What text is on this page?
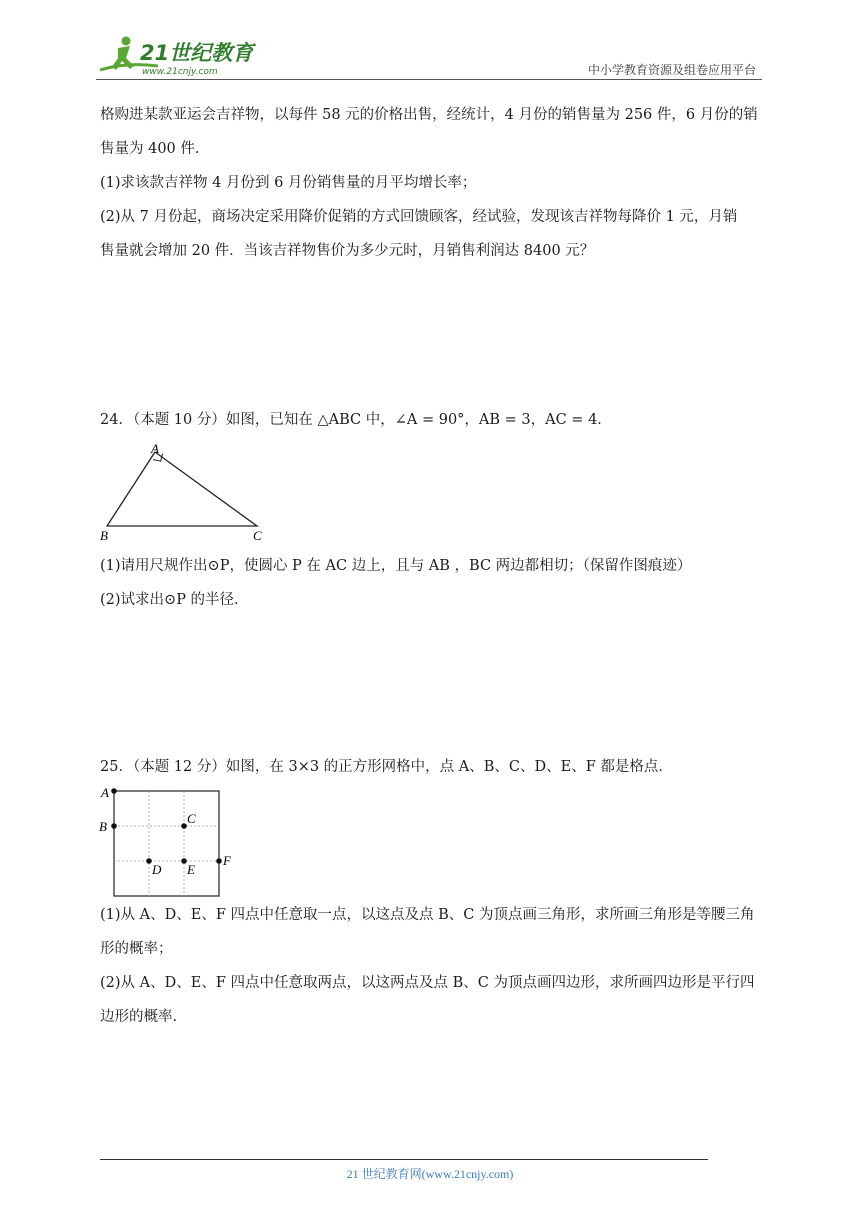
21世纪教育
www.21cnjy.com	中小学教育资源及组卷应用平台
格购进某款亚运会吉祥物，以每件 58 元的价格出售，经统计，4 月份的销售量为 256 件，6 月份的销
售量为 400 件.
(1)求该款吉祥物 4 月份到 6 月份销售量的月平均增长率；
(2)从 7 月份起，商场决定采用降价促销的方式回馈顾客，经试验，发现该吉祥物每降价 1 元，月销
售量就会增加 20 件．当该吉祥物售价为多少元时，月销售利润达 8400 元？
24．（本题 10 分）如图，已知在 △ABC 中，∠A = 90°，AB = 3，AC = 4．
A
B	C
(1)请用尺规作出⊙P，使圆心 P 在 AC 边上，且与 AB ，BC 两边都相切；（保留作图痕迹）
(2)试求出⊙P 的半径.
25．（本题 12 分）如图，在 3×3 的正方形网格中，点 A、B、C、D、E、F 都是格点．
A
B
C
D E
F
(1)从 A、D、E、F 四点中任意取一点，以这点及点 B、C 为顶点画三角形，求所画三角形是等腰三角
形的概率；
(2)从 A、D、E、F 四点中任意取两点，以这两点及点 B、C 为顶点画四边形，求所画四边形是平行四
边形的概率.
21 世纪教育网(www.21cnjy.com)
